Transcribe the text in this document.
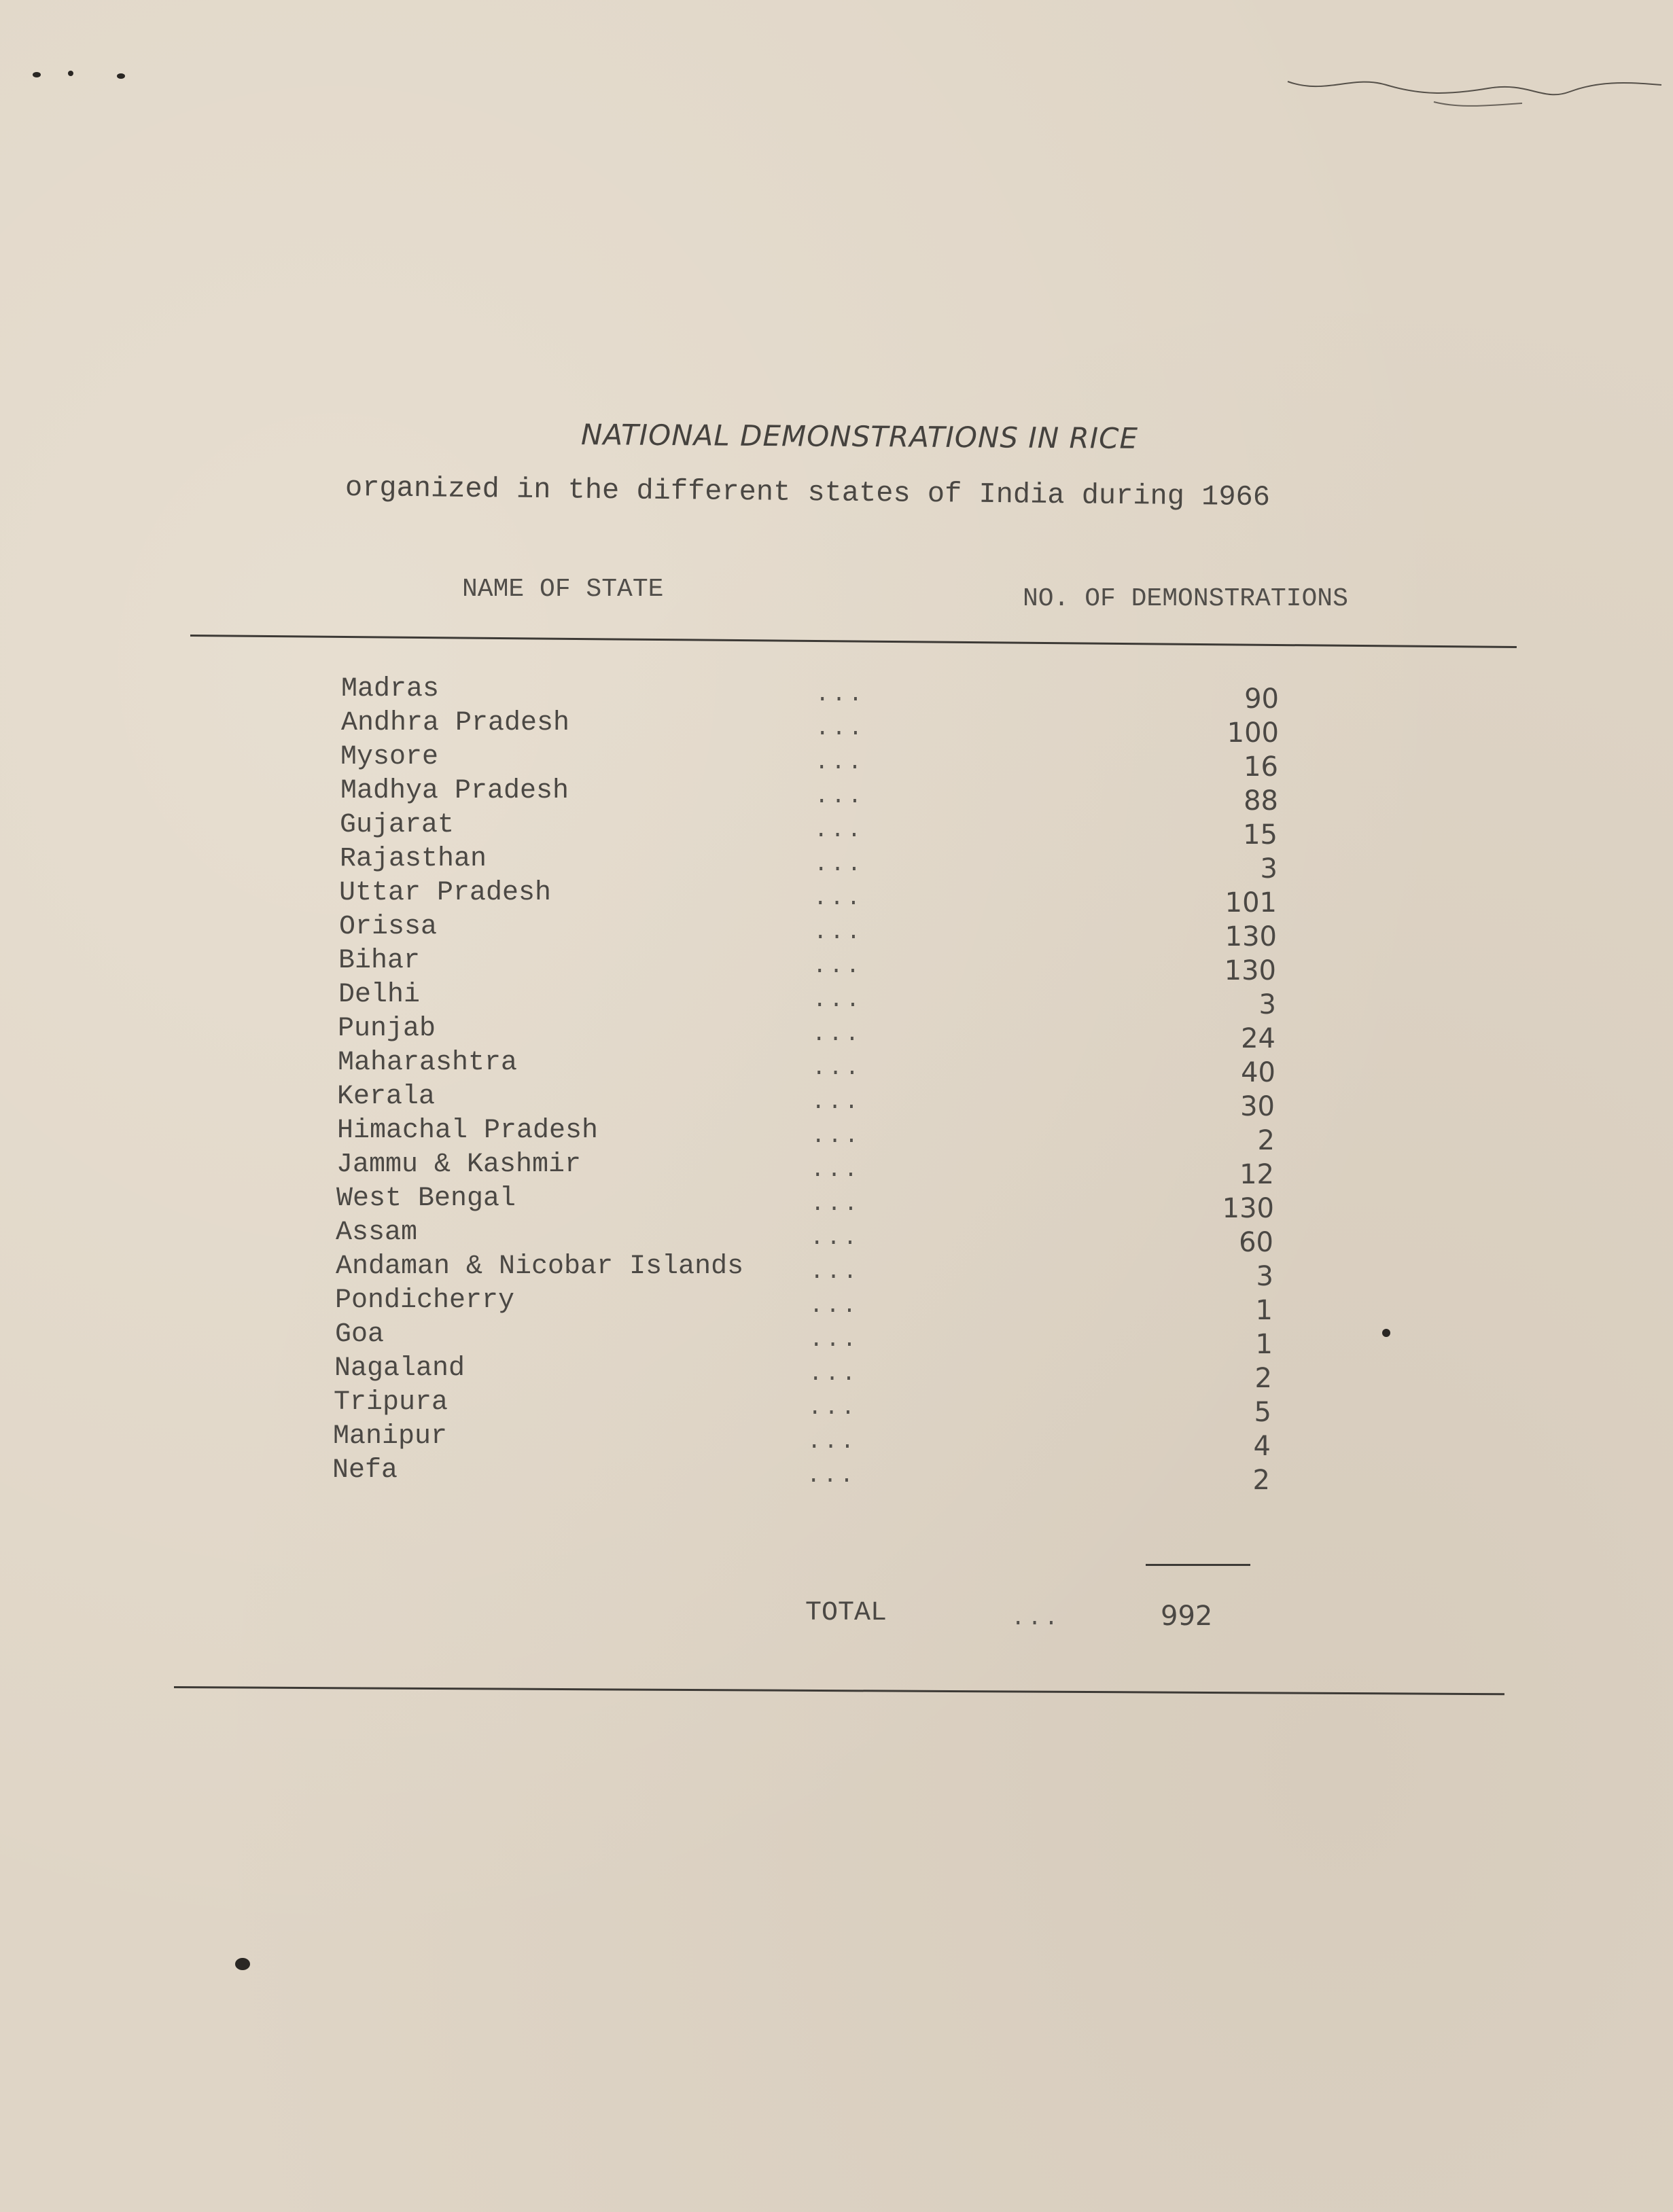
NATIONAL DEMONSTRATIONS IN RICE
organized in the different states of India during 1966
NAME OF STATE	NO. OF DEMONSTRATIONS
Madras	...	90
Andhra Pradesh	...	100
Mysore	...	16
Madhya Pradesh	...	88
Gujarat	...	15
Rajasthan	...	3
Uttar Pradesh	...	101
Orissa	...	130
Bihar	...	130
Delhi	...	3
Punjab	...	24
Maharashtra	...	40
Kerala	...	30
Himachal Pradesh	...	2
Jammu & Kashmir	...	12
West Bengal	...	130
Assam	...	60
Andaman & Nicobar Islands	...	3
Pondicherry	...	1
Goa	...	1
Nagaland	...	2
Tripura	...	5
Manipur	...	4
Nefa	...	2
TOTAL	...	992
